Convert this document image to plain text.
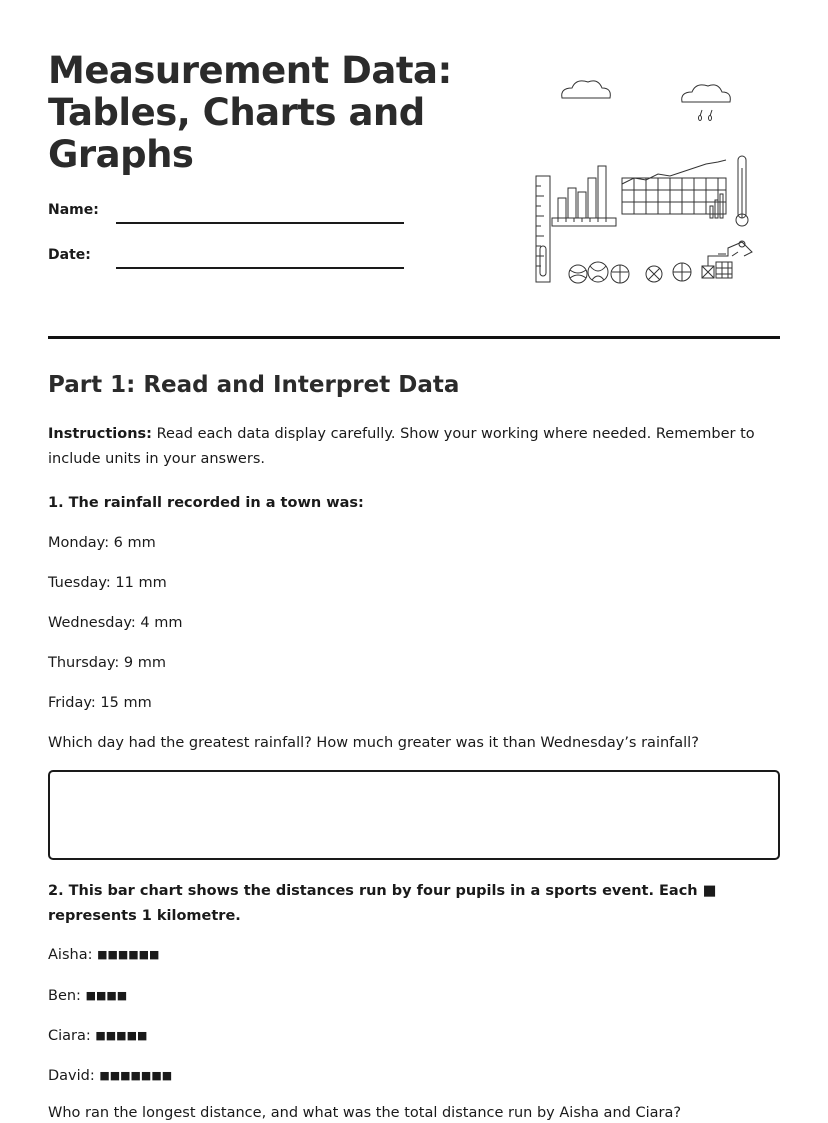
Measurement Data: Tables, Charts and Graphs
Name:
Date:
Part 1: Read and Interpret Data
Instructions: Read each data display carefully. Show your working where needed. Remember to include units in your answers.
1. The rainfall recorded in a town was:
Monday: 6 mm
Tuesday: 11 mm
Wednesday: 4 mm
Thursday: 9 mm
Friday: 15 mm
Which day had the greatest rainfall? How much greater was it than Wednesday’s rainfall?
2. This bar chart shows the distances run by four pupils in a sports event. Each ■ represents 1 kilometre.
Aisha: ■■■■■■
Ben: ■■■■
Ciara: ■■■■■
David: ■■■■■■■
Who ran the longest distance, and what was the total distance run by Aisha and Ciara?
